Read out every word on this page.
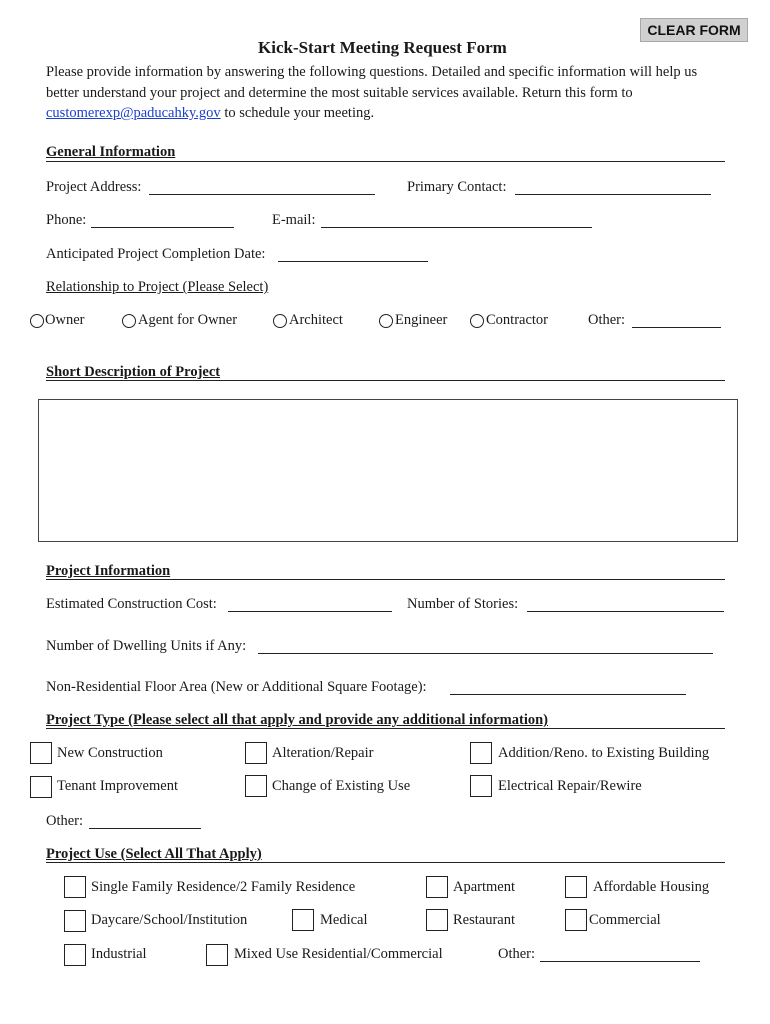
CLEAR FORM
Kick-Start Meeting Request Form
Please provide information by answering the following questions. Detailed and specific information will help us better understand your project and determine the most suitable services available. Return this form to customerexp@paducahky.gov to schedule your meeting.
General Information
Project Address:	Primary Contact:
Phone:	E-mail:
Anticipated Project Completion Date:
Relationship to Project (Please Select)
Owner	Agent for Owner	Architect	Engineer	Contractor	Other:
Short Description of Project
Project Information
Estimated Construction Cost:	Number of Stories:
Number of Dwelling Units if Any:
Non-Residential Floor Area (New or Additional Square Footage):
Project Type (Please select all that apply and provide any additional information)
New Construction	Alteration/Repair	Addition/Reno. to Existing Building
Tenant Improvement	Change of Existing Use	Electrical Repair/Rewire
Other:
Project Use (Select All That Apply)
Single Family Residence/2 Family Residence	Apartment	Affordable Housing
Daycare/School/Institution	Medical	Restaurant	Commercial
Industrial	Mixed Use Residential/Commercial	Other:
